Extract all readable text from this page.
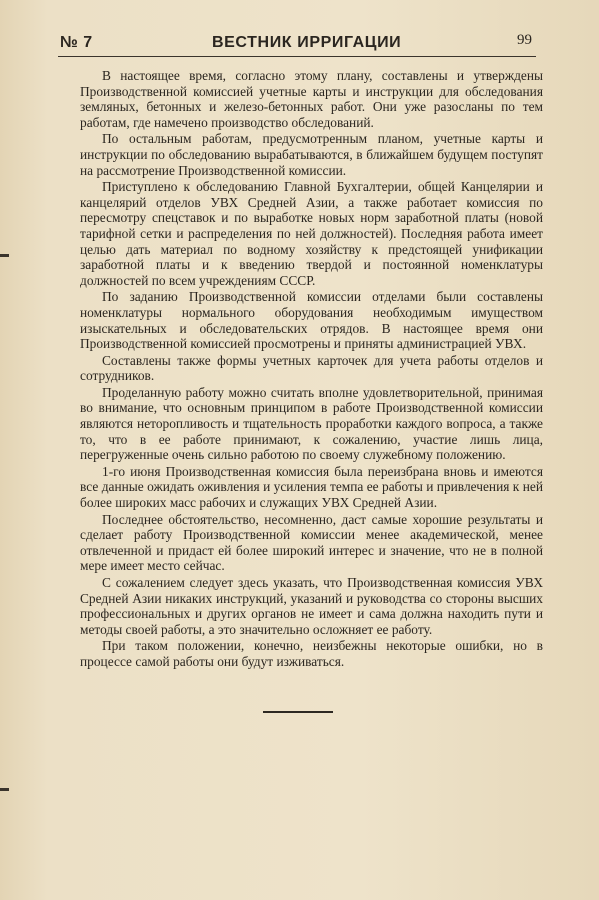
№ 7	ВЕСТНИК ИРРИГАЦИИ	99

В настоящее время, согласно этому плану, составлены и утверждены Производственной комиссией учетные карты и инструкции для обследования земляных, бетонных и железо-бетонных работ. Они уже разосланы по тем работам, где намечено производство обследований.

По остальным работам, предусмотренным планом, учетные карты и инструкции по обследованию вырабатываются, в ближайшем будущем поступят на рассмотрение Производственной комиссии.

Приступлено к обследованию Главной Бухгалтерии, общей Канцелярии и канцелярий отделов УВХ Средней Азии, а также работает комиссия по пересмотру спецставок и по выработке новых норм заработной платы (новой тарифной сетки и распределения по ней должностей). Последняя работа имеет целью дать материал по водному хозяйству к предстоящей унификации заработной платы и к введению твердой и постоянной номенклатуры должностей по всем учреждениям СССР.

По заданию Производственной комиссии отделами были составлены номенклатуры нормального оборудования необходимым имуществом изыскательных и обследовательских отрядов. В настоящее время они Производственной комиссией просмотрены и приняты администрацией УВХ.

Составлены также формы учетных карточек для учета работы отделов и сотрудников.

Проделанную работу можно считать вполне удовлетворительной, принимая во внимание, что основным принципом в работе Производственной комиссии являются неторопливость и тщательность проработки каждого вопроса, а также то, что в ее работе принимают, к сожалению, участие лишь лица, перегруженные очень сильно работою по своему служебному положению.

1-го июня Производственная комиссия была переизбрана вновь и имеются все данные ожидать оживления и усиления темпа ее работы и привлечения к ней более широких масс рабочих и служащих УВХ Средней Азии.

Последнее обстоятельство, несомненно, даст самые хорошие результаты и сделает работу Производственной комиссии менее академической, менее отвлеченной и придаст ей более широкий интерес и значение, что не в полной мере имеет место сейчас.

С сожалением следует здесь указать, что Производственная комиссия УВХ Средней Азии никаких инструкций, указаний и руководства со стороны высших профессиональных и других органов не имеет и сама должна находить пути и методы своей работы, а это значительно осложняет ее работу.

При таком положении, конечно, неизбежны некоторые ошибки, но в процессе самой работы они будут изживаться.
